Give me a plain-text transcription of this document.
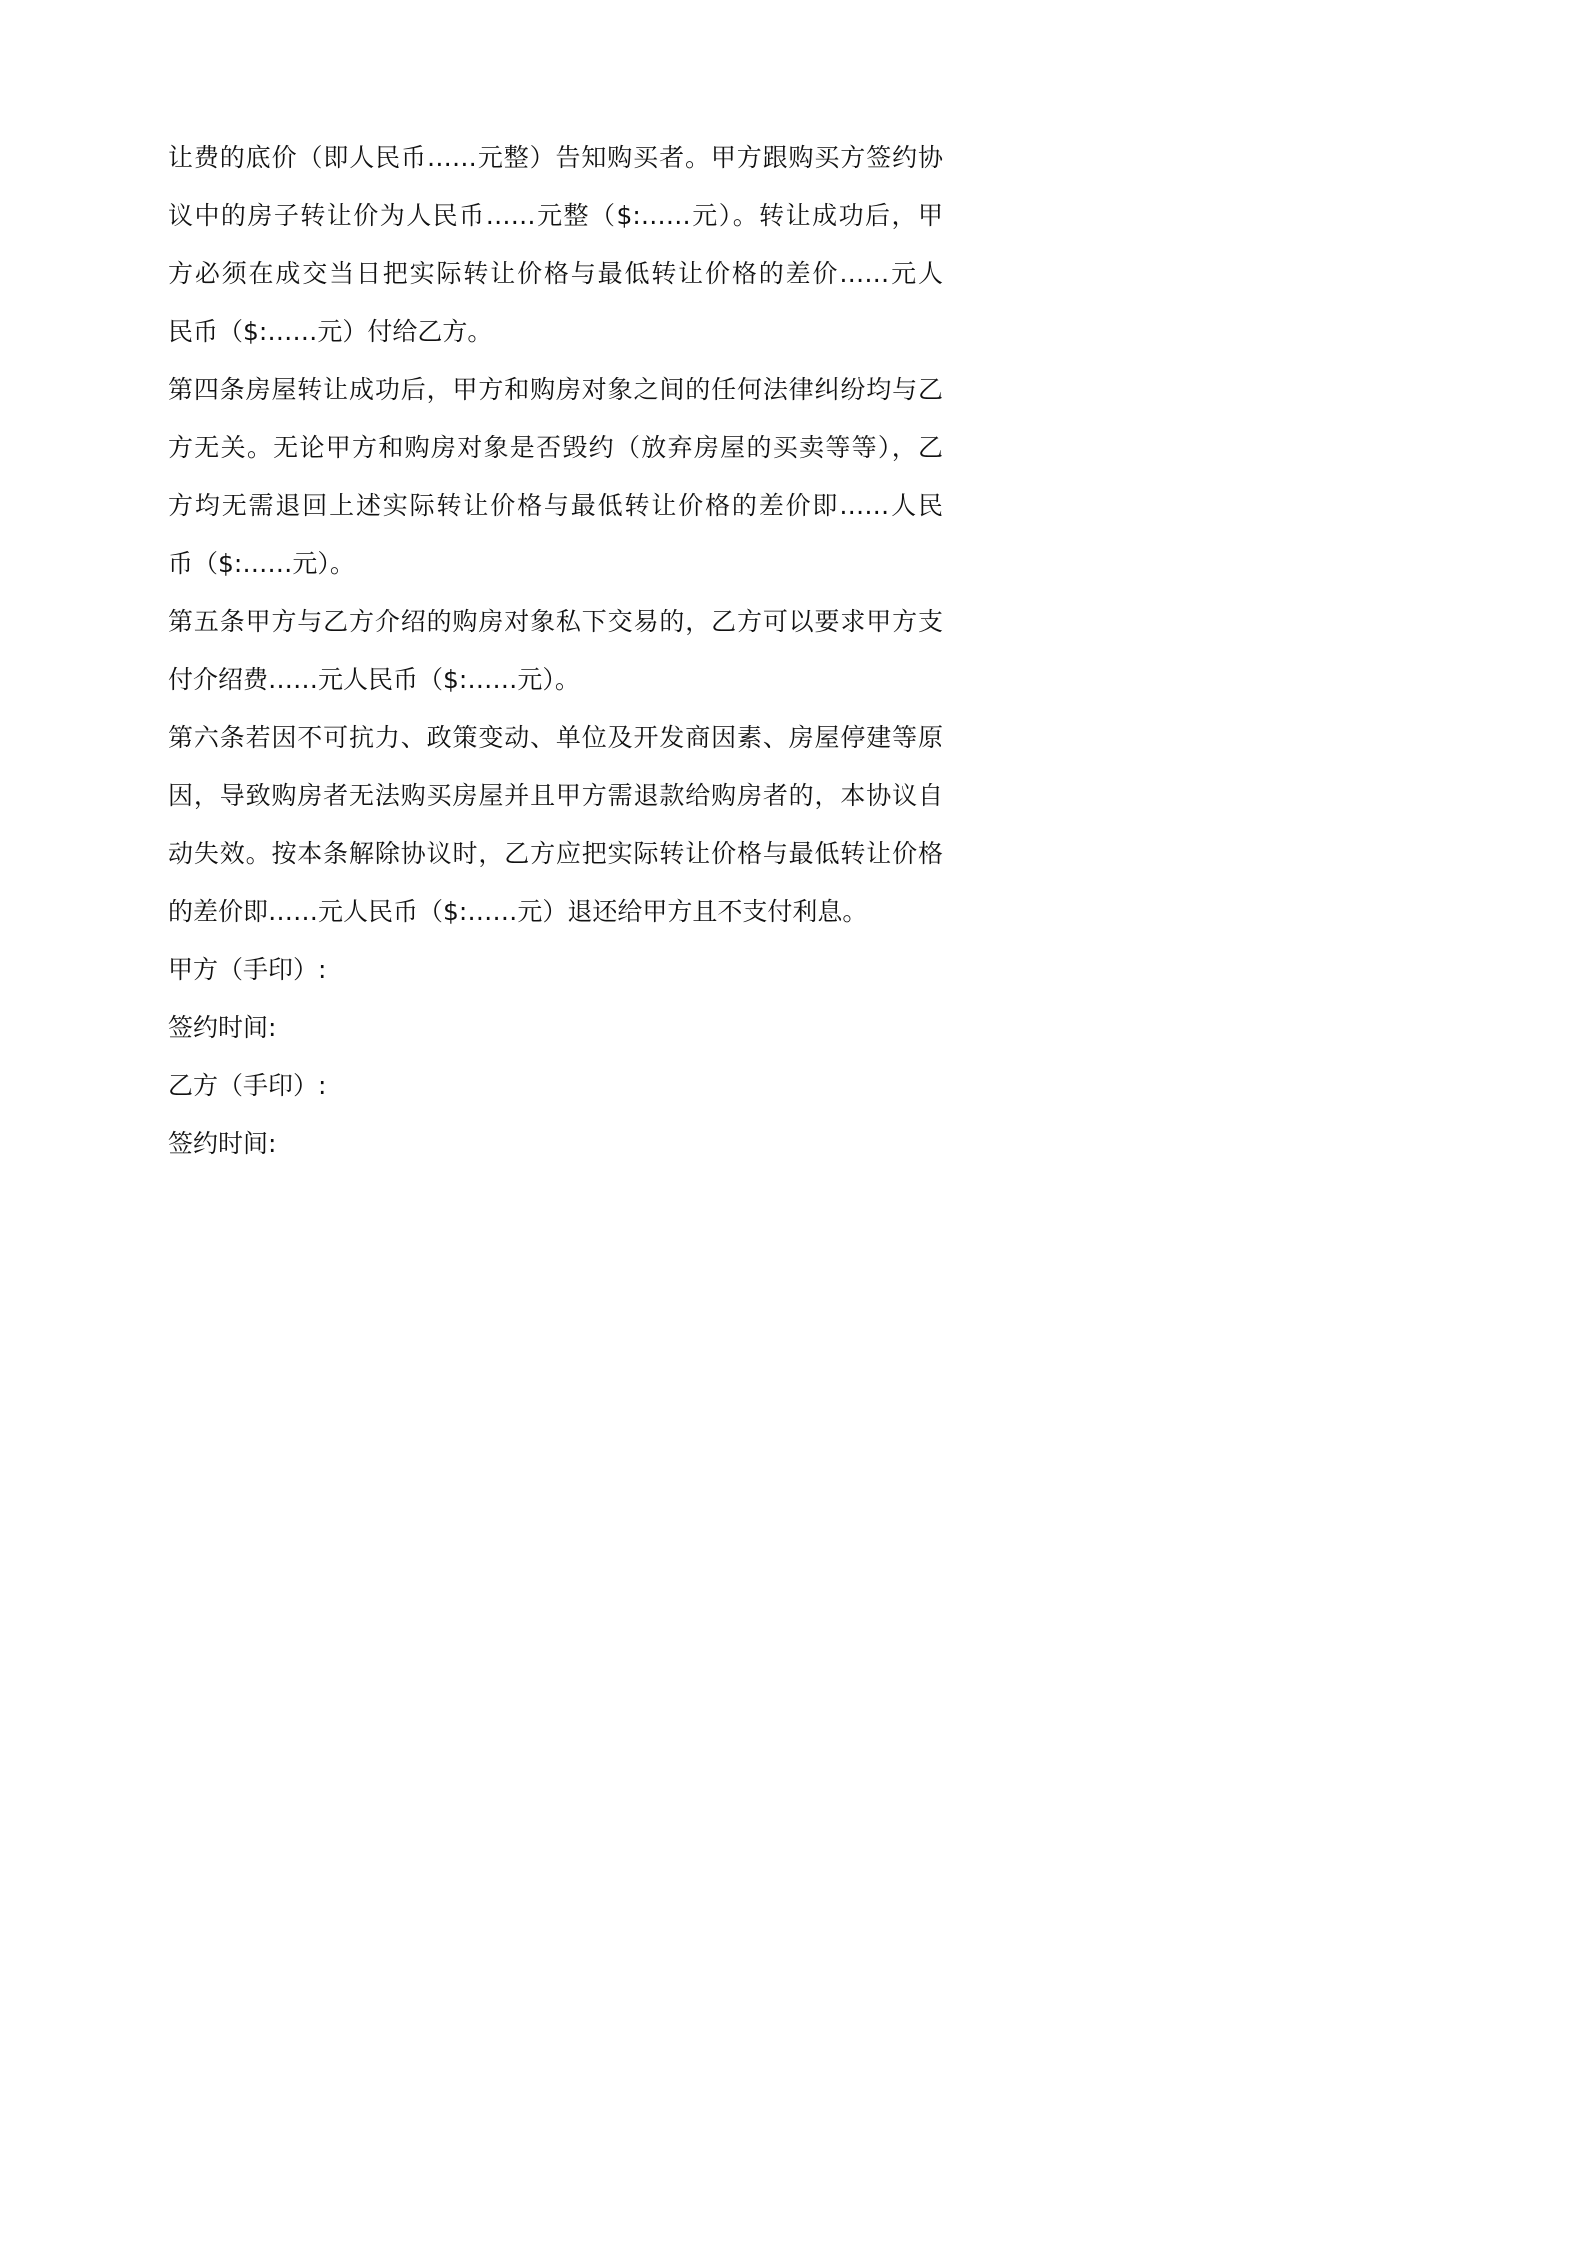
让费的底价（即人民币……元整）告知购买者。甲方跟购买方签约协
议中的房子转让价为人民币……元整（$:……元）。转让成功后，甲
方必须在成交当日把实际转让价格与最低转让价格的差价……元人
民币（$:……元）付给乙方。
第四条房屋转让成功后，甲方和购房对象之间的任何法律纠纷均与乙
方无关。无论甲方和购房对象是否毁约（放弃房屋的买卖等等），乙
方均无需退回上述实际转让价格与最低转让价格的差价即……人民
币（$:……元）。
第五条甲方与乙方介绍的购房对象私下交易的，乙方可以要求甲方支
付介绍费……元人民币（$:……元）。
第六条若因不可抗力、政策变动、单位及开发商因素、房屋停建等原
因，导致购房者无法购买房屋并且甲方需退款给购房者的，本协议自
动失效。按本条解除协议时，乙方应把实际转让价格与最低转让价格
的差价即……元人民币（$:……元）退还给甲方且不支付利息。
甲方（手印）:
签约时间:
乙方（手印）:
签约时间:
